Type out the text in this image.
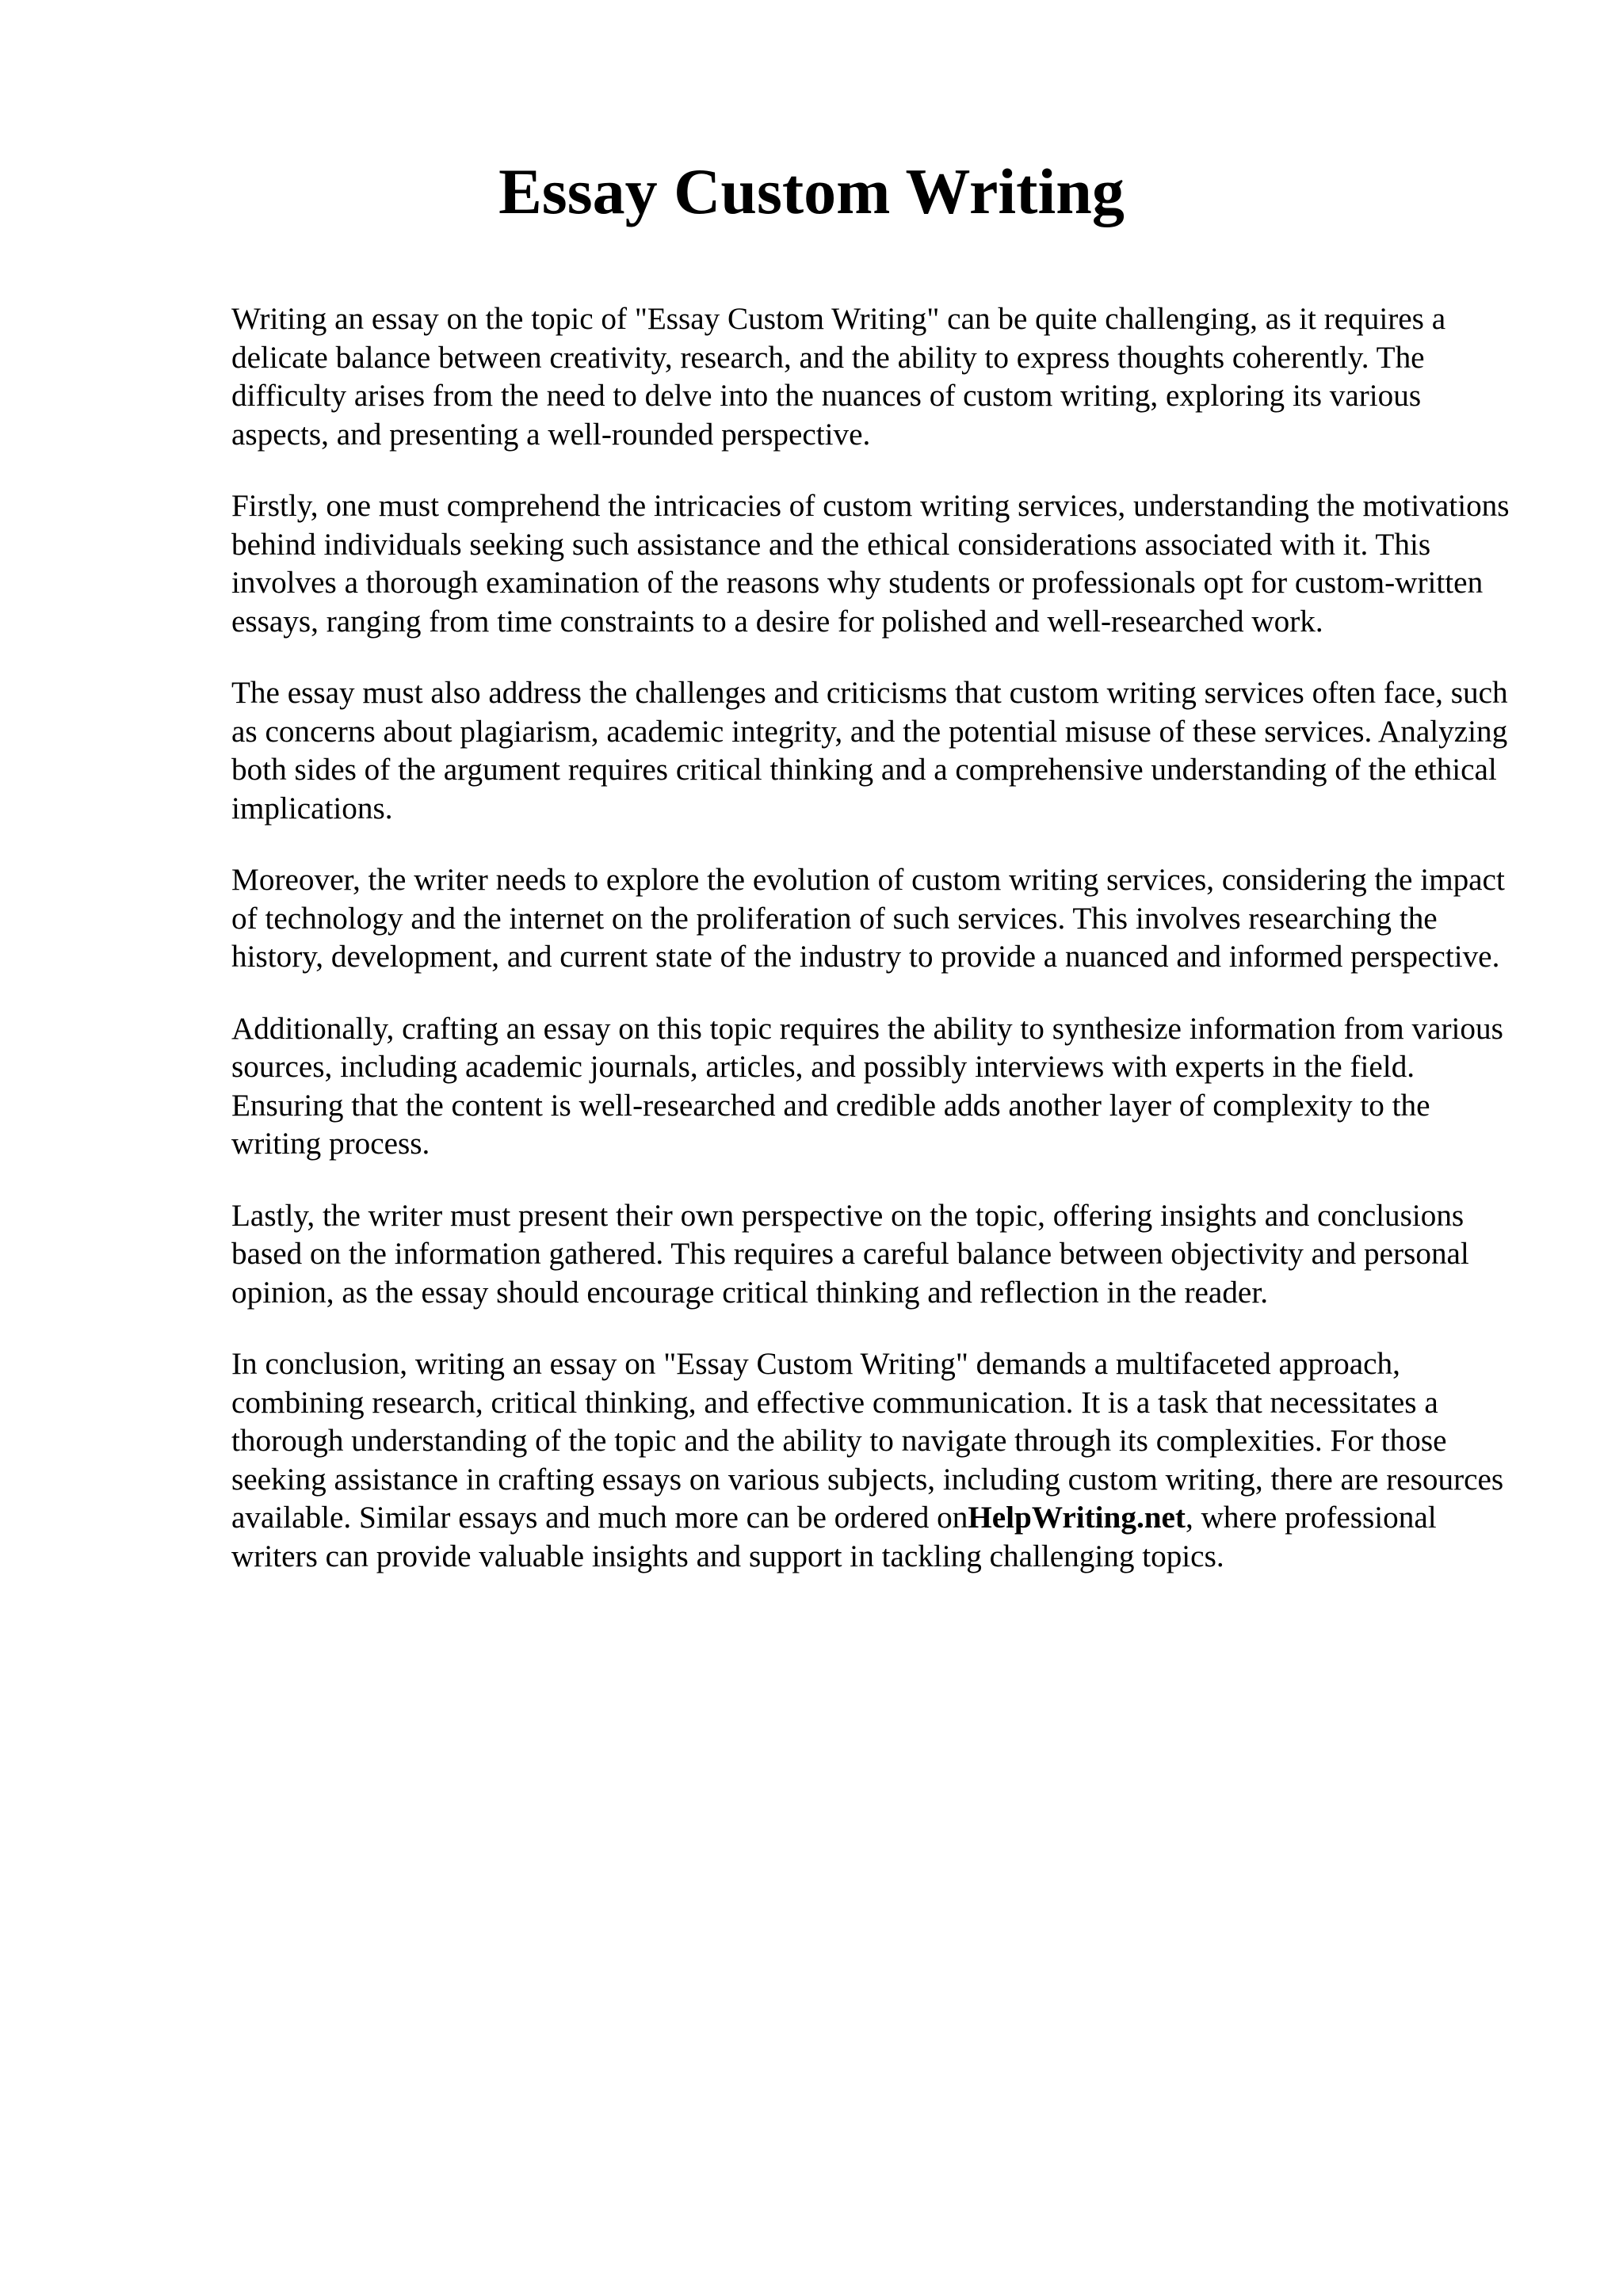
Essay Custom Writing

Writing an essay on the topic of "Essay Custom Writing" can be quite challenging, as it requires a delicate balance between creativity, research, and the ability to express thoughts coherently. The difficulty arises from the need to delve into the nuances of custom writing, exploring its various aspects, and presenting a well-rounded perspective.

Firstly, one must comprehend the intricacies of custom writing services, understanding the motivations behind individuals seeking such assistance and the ethical considerations associated with it. This involves a thorough examination of the reasons why students or professionals opt for custom-written essays, ranging from time constraints to a desire for polished and well-researched work.

The essay must also address the challenges and criticisms that custom writing services often face, such as concerns about plagiarism, academic integrity, and the potential misuse of these services. Analyzing both sides of the argument requires critical thinking and a comprehensive understanding of the ethical implications.

Moreover, the writer needs to explore the evolution of custom writing services, considering the impact of technology and the internet on the proliferation of such services. This involves researching the history, development, and current state of the industry to provide a nuanced and informed perspective.

Additionally, crafting an essay on this topic requires the ability to synthesize information from various sources, including academic journals, articles, and possibly interviews with experts in the field. Ensuring that the content is well-researched and credible adds another layer of complexity to the writing process.

Lastly, the writer must present their own perspective on the topic, offering insights and conclusions based on the information gathered. This requires a careful balance between objectivity and personal opinion, as the essay should encourage critical thinking and reflection in the reader.

In conclusion, writing an essay on "Essay Custom Writing" demands a multifaceted approach, combining research, critical thinking, and effective communication. It is a task that necessitates a thorough understanding of the topic and the ability to navigate through its complexities. For those seeking assistance in crafting essays on various subjects, including custom writing, there are resources available. Similar essays and much more can be ordered onHelpWriting.net, where professional writers can provide valuable insights and support in tackling challenging topics.
